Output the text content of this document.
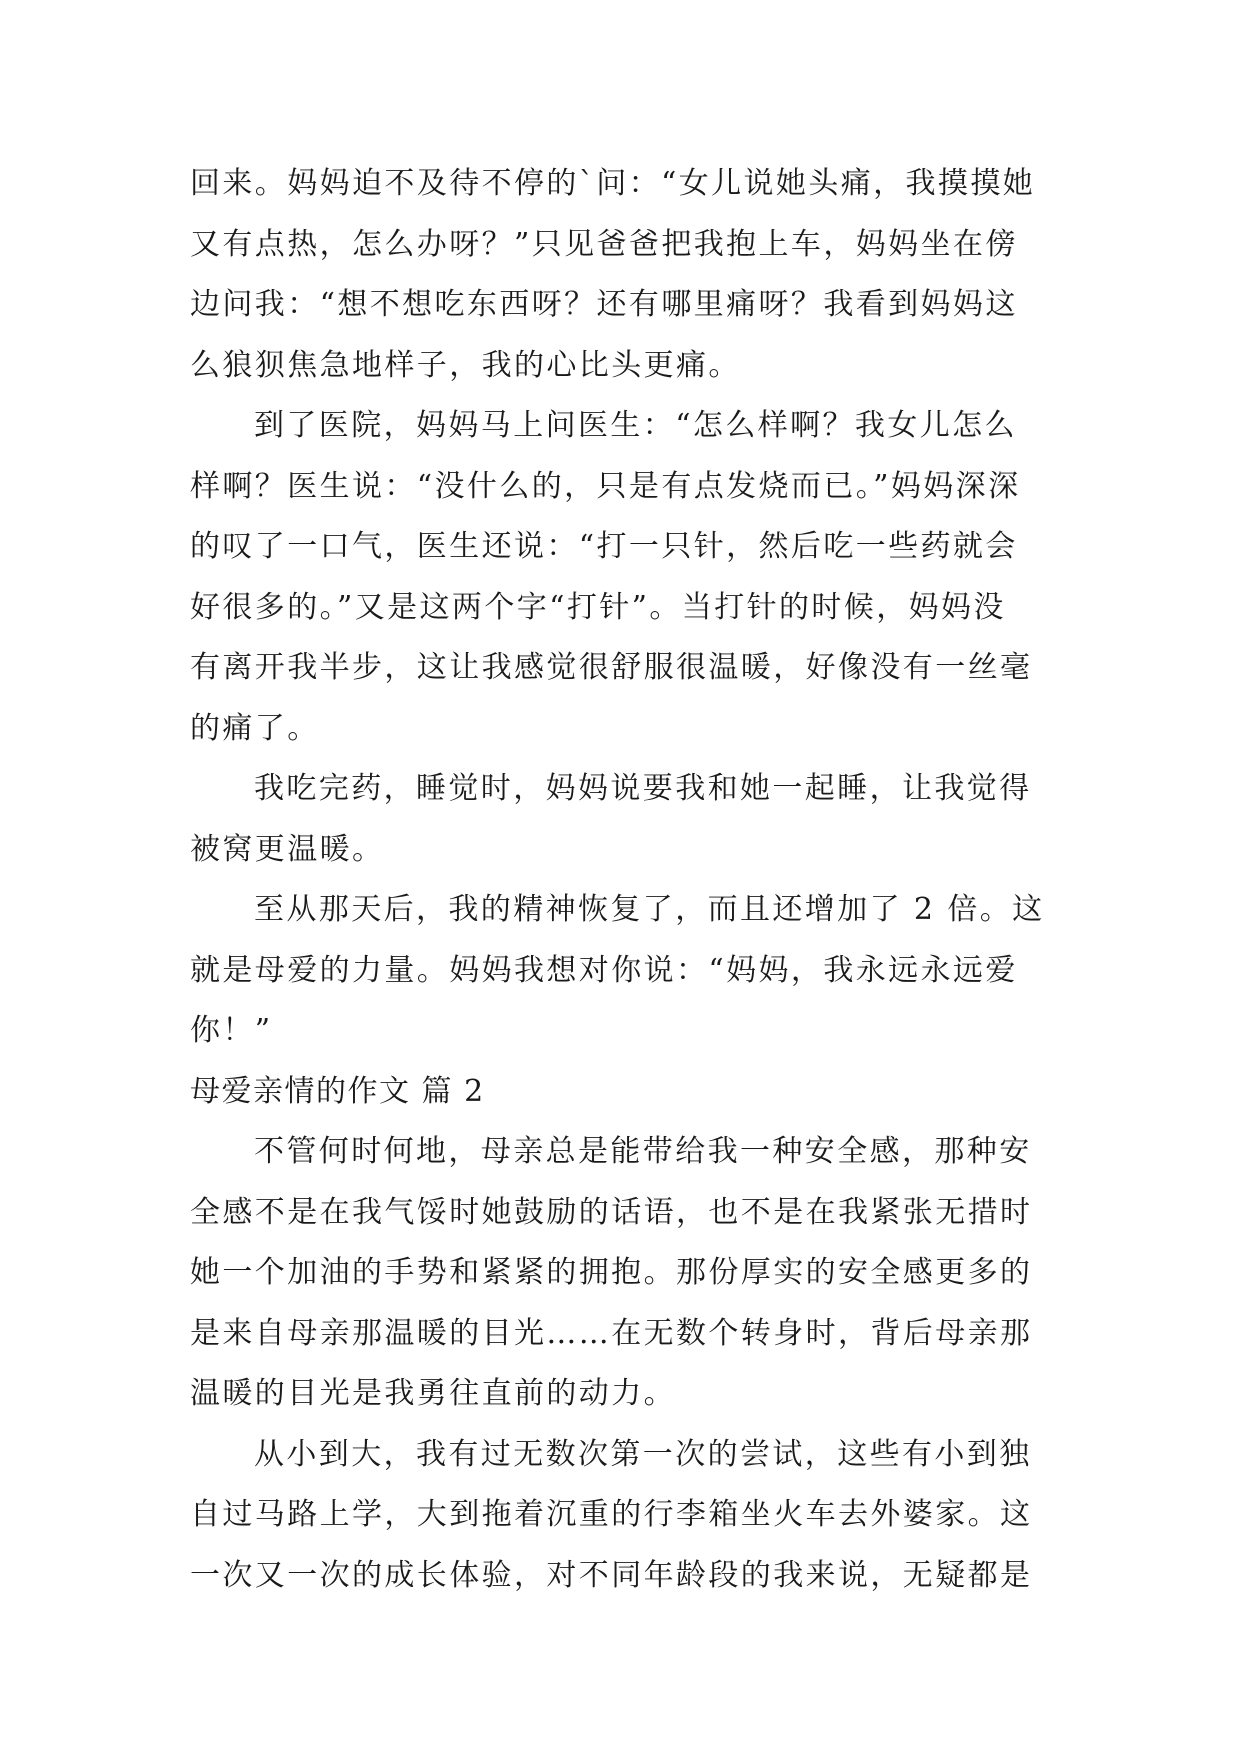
回来。妈妈迫不及待不停的`问：“女儿说她头痛，我摸摸她
又有点热，怎么办呀？”只见爸爸把我抱上车，妈妈坐在傍
边问我：“想不想吃东西呀？还有哪里痛呀？我看到妈妈这
么狼狈焦急地样子，我的心比头更痛。
到了医院，妈妈马上问医生：“怎么样啊？我女儿怎么
样啊？医生说：“没什么的，只是有点发烧而已。”妈妈深深
的叹了一口气，医生还说：“打一只针，然后吃一些药就会
好很多的。”又是这两个字“打针”。当打针的时候，妈妈没
有离开我半步，这让我感觉很舒服很温暖，好像没有一丝毫
的痛了。
我吃完药，睡觉时，妈妈说要我和她一起睡，让我觉得
被窝更温暖。
至从那天后，我的精神恢复了，而且还增加了 2 倍。这
就是母爱的力量。妈妈我想对你说：“妈妈，我永远永远爱
你！”
母爱亲情的作文 篇 2
不管何时何地，母亲总是能带给我一种安全感，那种安
全感不是在我气馁时她鼓励的话语，也不是在我紧张无措时
她一个加油的手势和紧紧的拥抱。那份厚实的安全感更多的
是来自母亲那温暖的目光……在无数个转身时，背后母亲那
温暖的目光是我勇往直前的动力。
从小到大，我有过无数次第一次的尝试，这些有小到独
自过马路上学，大到拖着沉重的行李箱坐火车去外婆家。这
一次又一次的成长体验，对不同年龄段的我来说，无疑都是
